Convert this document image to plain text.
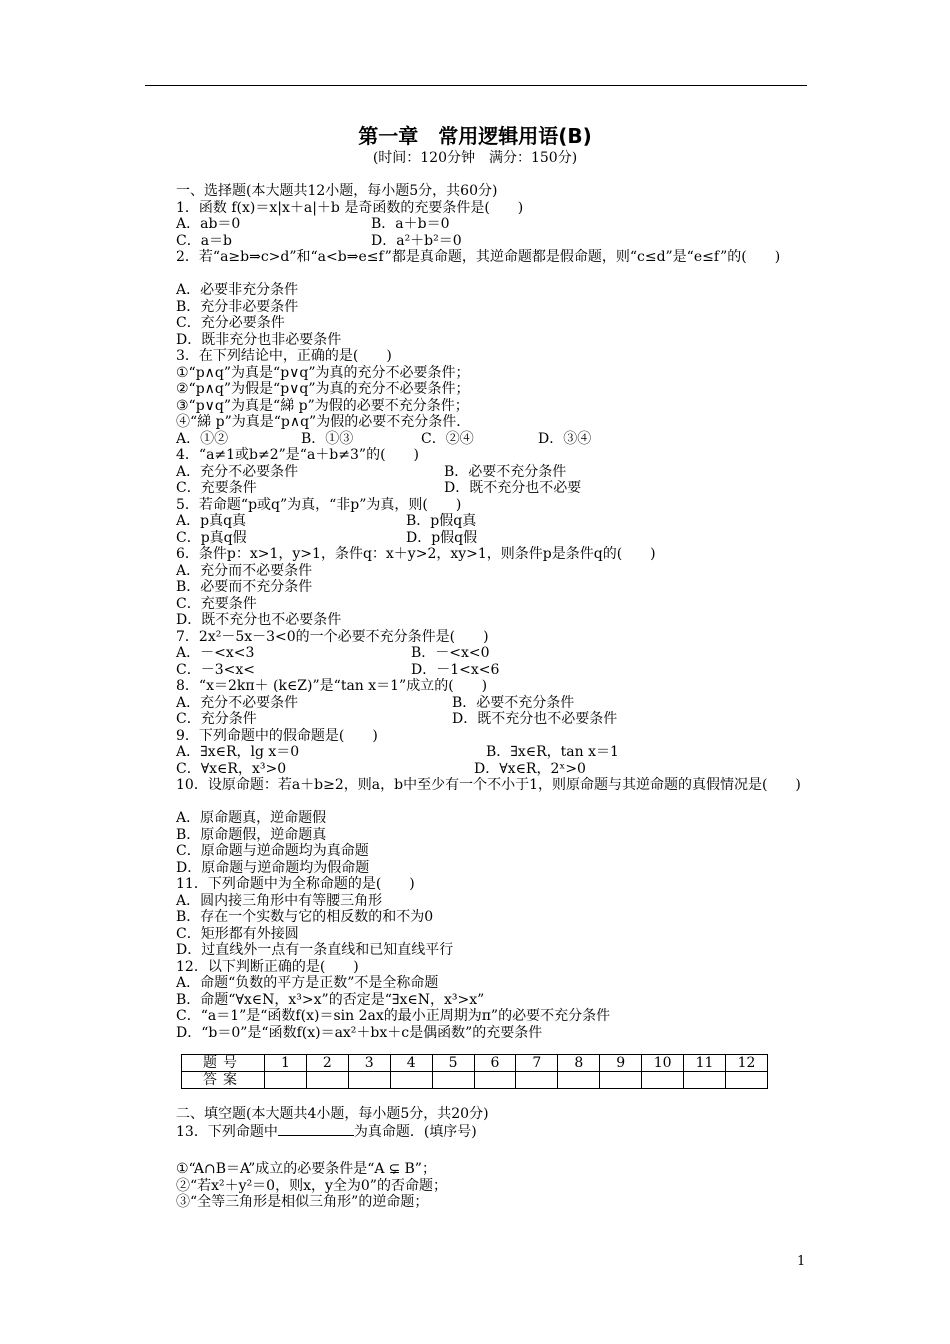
第一章　常用逻辑用语(B)
(时间：120分钟　满分：150分)
一、选择题(本大题共12小题，每小题5分，共60分)
1．函数 f(x)＝x|x＋a|＋b 是奇函数的充要条件是(　　)

A．ab＝0

	B．a＋b＝0

C．a＝b

	D．a²＋b²＝0

2．若“a≥b⇒c>d”和“a<b⇒e≤f”都是真命题，其逆命题都是假命题，则“c≤d”是“e≤f”的(　　)
A．必要非充分条件
B．充分非必要条件
C．充分必要条件
D．既非充分也非必要条件
3．在下列结论中，正确的是(　　)
①“p∧q”为真是“p∨q”为真的充分不必要条件；
②“p∧q”为假是“p∨q”为真的充分不必要条件；
③“p∨q”为真是“綈 p”为假的必要不充分条件；
④“綈 p”为真是“p∧q”为假的必要不充分条件．

A．①②

	B．①③

	C．②④

	D．③④

4．“a≠1或b≠2”是“a＋b≠3”的(　　)

A．充分不必要条件

	B．必要不充分条件

C．充要条件

	D．既不充分也不必要

5．若命题“p或q”为真，“非p”为真，则(　　)

A．p真q真

	B．p假q真

C．p真q假

	D．p假q假

6．条件p：x>1，y>1，条件q：x＋y>2，xy>1，则条件p是条件q的(　　)
A．充分而不必要条件
B．必要而不充分条件
C．充要条件
D．既不充分也不必要条件
7．2x²－5x－3<0的一个必要不充分条件是(　　)

A．－<x<3

	B．－<x<0

C．－3<x<

	D．－1<x<6

8．“x＝2kπ＋ (k∈Z)”是“tan x＝1”成立的(　　)

A．充分不必要条件

	B．必要不充分条件

C．充分条件

	D．既不充分也不必要条件

9．下列命题中的假命题是(　　)

A．∃x∈R，lg x＝0

	B．∃x∈R，tan x＝1

C．∀x∈R，x³>0

	D．∀x∈R，2ˣ>0

10．设原命题：若a＋b≥2，则a，b中至少有一个不小于1，则原命题与其逆命题的真假情况是(　　)
A．原命题真，逆命题假
B．原命题假，逆命题真
C．原命题与逆命题均为真命题
D．原命题与逆命题均为假命题
11．下列命题中为全称命题的是(　　)
A．圆内接三角形中有等腰三角形
B．存在一个实数与它的相反数的和不为0
C．矩形都有外接圆
D．过直线外一点有一条直线和已知直线平行
12．以下判断正确的是(　　)
A．命题“负数的平方是正数”不是全称命题
B．命题“∀x∈N，x³>x”的否定是“∃x∈N，x³>x”
C．“a＝1”是“函数f(x)＝sin 2ax的最小正周期为π”的必要不充分条件
D．“b＝0”是“函数f(x)＝ax²＋bx＋c是偶函数”的充要条件
题号	1	2	3	4	5	6	7	8	9	10	11	12
答案												
二、填空题(本大题共4小题，每小题5分，共20分)
13．下列命题中	为真命题．(填序号)
①“A∩B＝A”成立的必要条件是“A ⊊ B”；
②“若x²＋y²＝0，则x，y全为0”的否命题；
③“全等三角形是相似三角形”的逆命题；
1
